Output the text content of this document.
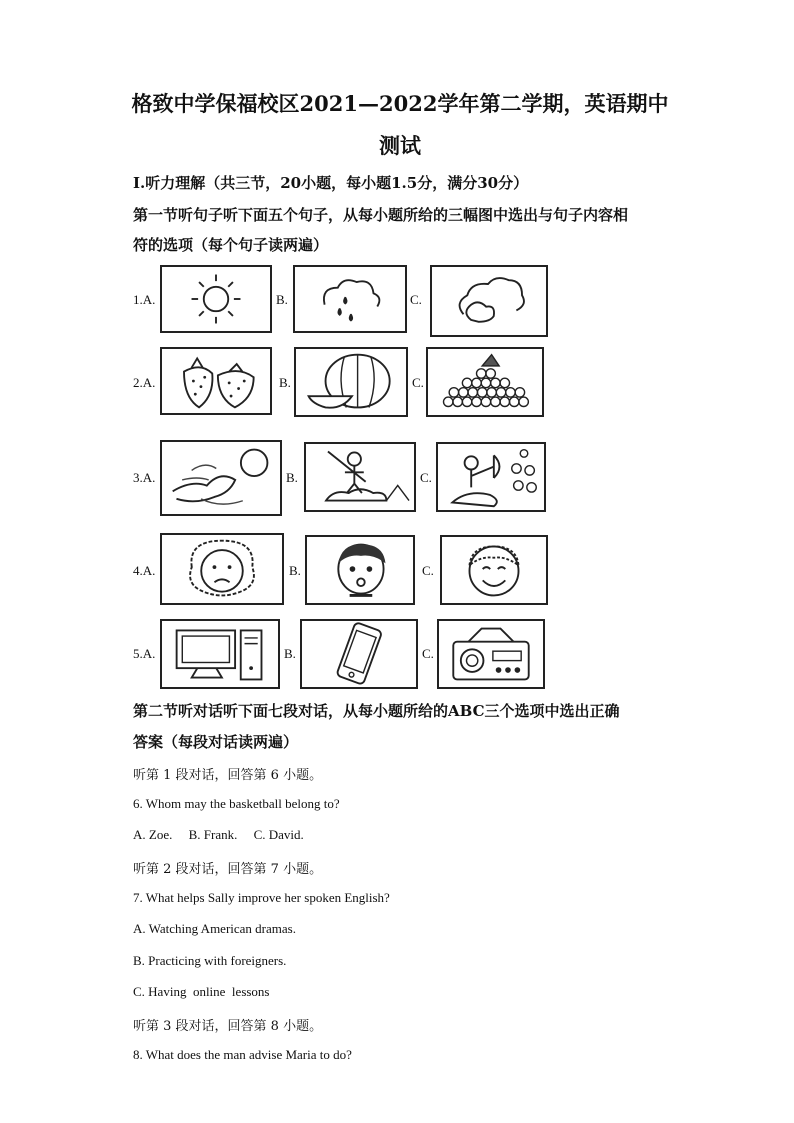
格致中学保福校区2021—2022学年第二学期，英语期中
测试
Ⅰ.听力理解（共三节，20小题，每小题1.5分，满分30分）
第一节听句子听下面五个句子，从每小题所给的三幅图中选出与句子内容相
符的选项（每个句子读两遍）
1.A.	B.	C.
2.A.	B.	C.
3.A.	B.	C.
4.A.	B.	C.
5.A.	B.	C.
第二节听对话听下面七段对话，从每小题所给的ABC三个选项中选出正确
答案（每段对话读两遍）
听第 1 段对话，回答第 6 小题。
6. Whom may the basketball belong to?
A. Zoe.     B. Frank.     C. David.
听第 2 段对话，回答第 7 小题。
7. What helps Sally improve her spoken English?
A. Watching American dramas.
B. Practicing with foreigners.
C. Having  online  lessons
听第 3 段对话，回答第 8 小题。
8. What does the man advise Maria to do?
